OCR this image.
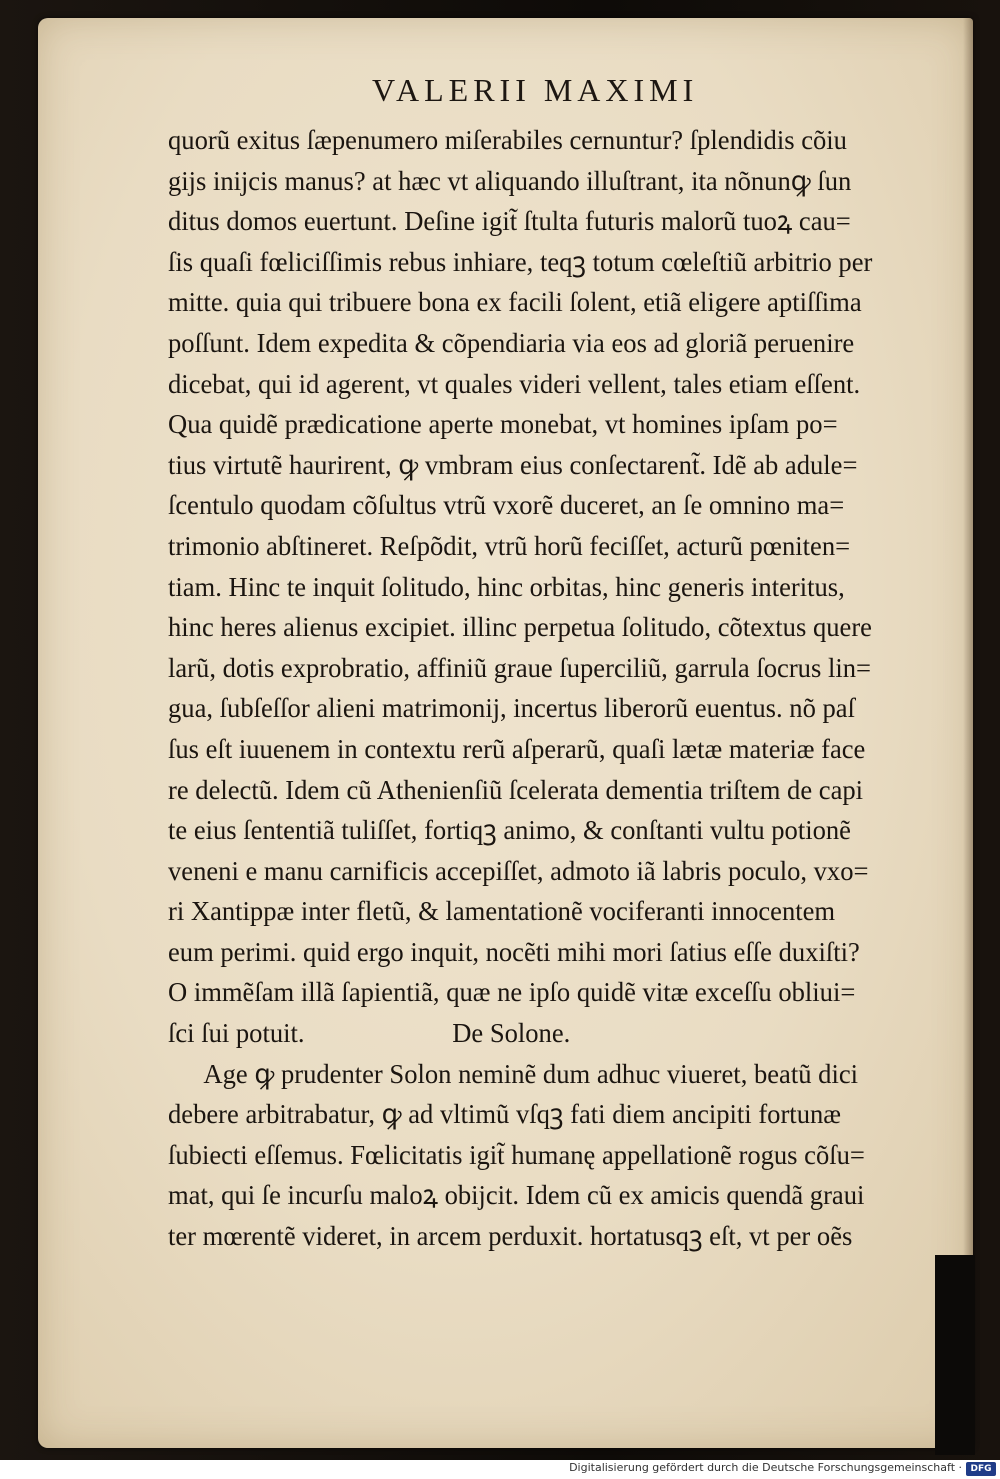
VALERII MAXIMI
quorũ exitus ſæpenumero miſerabiles cernuntur? ſplendidis cõiu
gĳs inĳcis manus? at hæc vt aliquando illuſtrant, ita nõnunꝙ ſun
ditus domos euertunt. Deſine igit̃ ſtulta futuris malorũ tuoꝝ cau=
ſis quaſi fœliciſſimis rebus inhiare, teqꝫ totum cœleſtiũ arbitrio per
mitte. quia qui tribuere bona ex facili ſolent, etiã eligere aptiſſima
poſſunt. Idem expedita & cõpendiaria via eos ad gloriã peruenire
dicebat, qui id agerent, vt quales videri vellent, tales etiam eſſent.
Qua quidẽ prædicatione aperte monebat, vt homines ipſam po=
tius virtutẽ haurirent, ꝙ vmbram eius conſectarent̃. Idẽ ab adule=
ſcentulo quodam cõſultus vtrũ vxorẽ duceret, an ſe omnino ma=
trimonio abſtineret. Reſpõdit, vtrũ horũ feciſſet, acturũ pœniten=
tiam. Hinc te inquit ſolitudo, hinc orbitas, hinc generis interitus,
hinc heres alienus excipiet. illinc perpetua ſolitudo, cõtextus quere
larũ, dotis exprobratio, affiniũ graue ſuperciliũ, garrula ſocrus lin=
gua, ſubſeſſor alieni matrimonĳ, incertus liberorũ euentus. nõ paſ
ſus eſt iuuenem in contextu rerũ aſperarũ, quaſi lætæ materiæ face
re delectũ. Idem cũ Athenienſiũ ſcelerata dementia triſtem de capi
te eius ſententiã tuliſſet, fortiqꝫ animo, & conſtanti vultu potionẽ
veneni e manu carnificis accepiſſet, admoto iã labris poculo, vxo=
ri Xantippæ inter fletũ, & lamentationẽ vociferanti innocentem
eum perimi. quid ergo inquit, nocẽti mihi mori ſatius eſſe duxiſti?
O immẽſam illã ſapientiã, quæ ne ipſo quidẽ vitæ exceſſu obliui=
ſci ſui potuit.	De Solone.
Age ꝙ prudenter Solon neminẽ dum adhuc viueret, beatũ dici
debere arbitrabatur, ꝙ ad vltimũ vſqꝫ fati diem ancipiti fortunæ
ſubiecti eſſemus. Fœlicitatis igit̃ humanę appellationẽ rogus cõſu=
mat, qui ſe incurſu maloꝝ obĳcit. Idem cũ ex amicis quendã graui
ter mœrentẽ videret, in arcem perduxit. hortatusqꝫ eſt, vt per oẽs
Digitalisierung gefördert durch die Deutsche Forschungsgemeinschaft · DFG
